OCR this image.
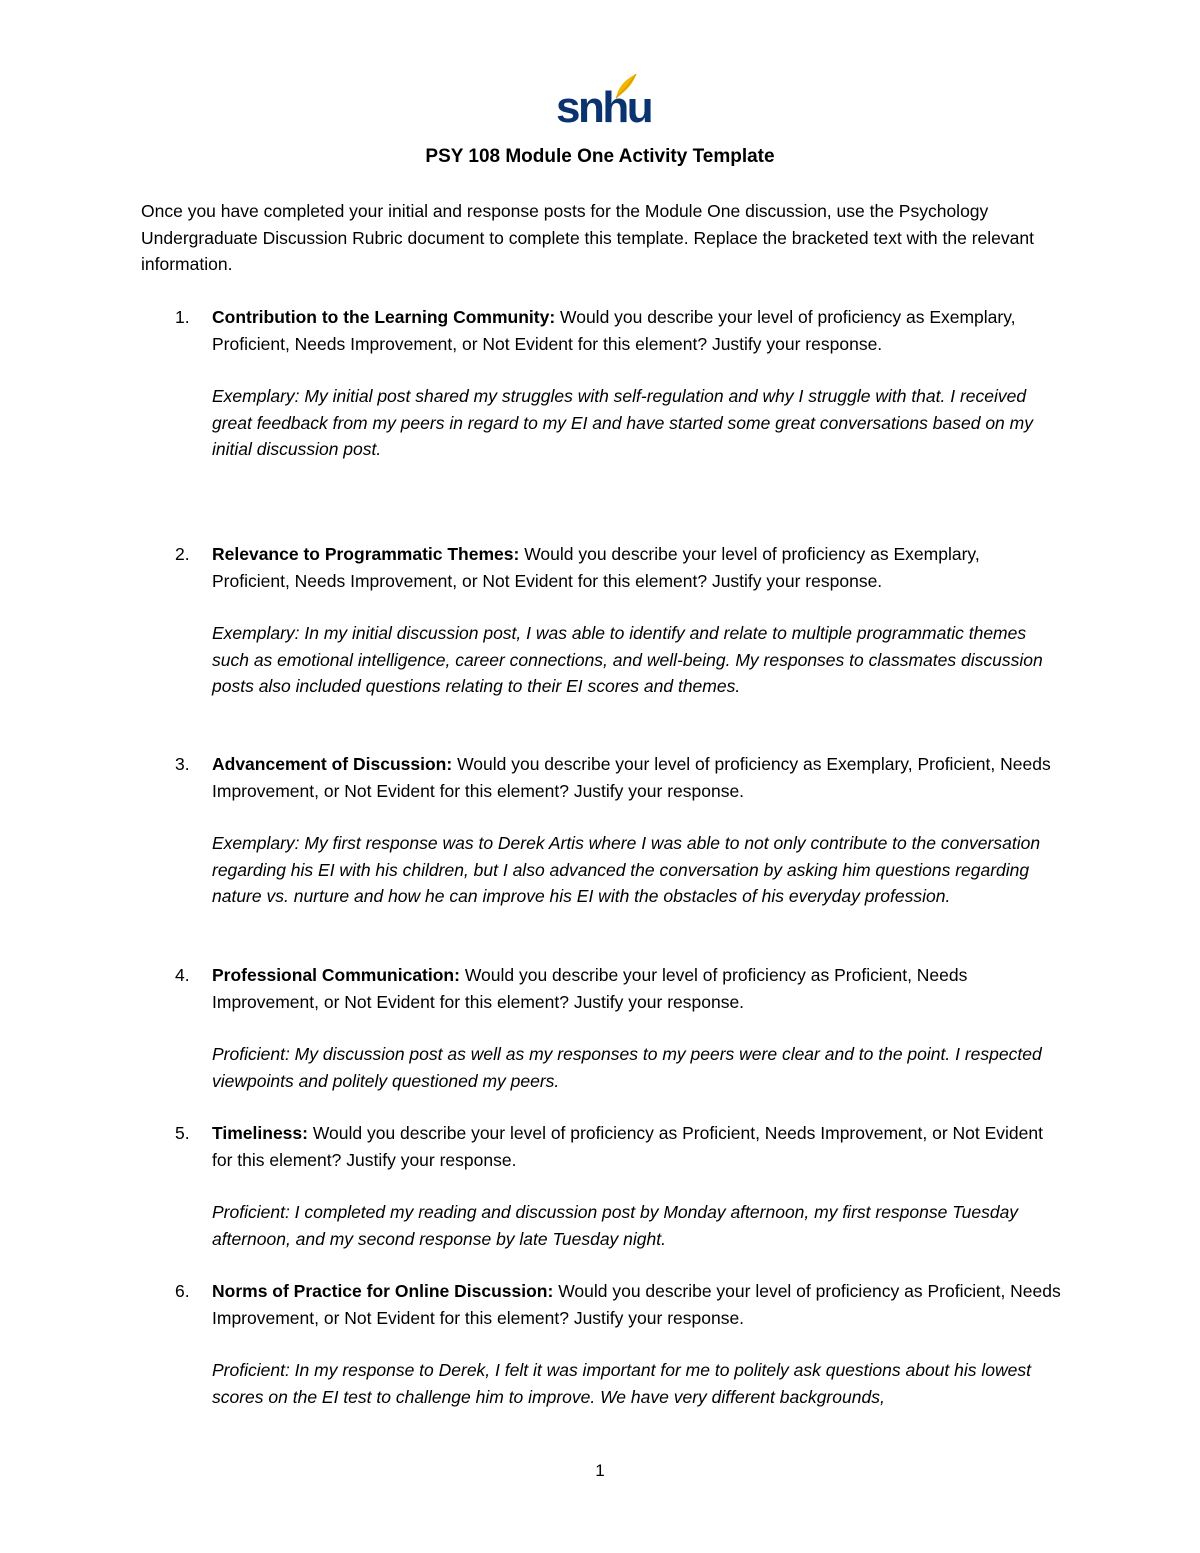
snhu
PSY 108 Module One Activity Template

Once you have completed your initial and response posts for the Module One discussion, use the Psychology Undergraduate Discussion Rubric document to complete this template. Replace the bracketed text with the relevant information.

1.	Contribution to the Learning Community: Would you describe your level of proficiency as Exemplary, Proficient, Needs Improvement, or Not Evident for this element? Justify your response.

Exemplary: My initial post shared my struggles with self-regulation and why I struggle with that. I received great feedback from my peers in regard to my EI and have started some great conversations based on my initial discussion post.

2.	Relevance to Programmatic Themes: Would you describe your level of proficiency as Exemplary, Proficient, Needs Improvement, or Not Evident for this element? Justify your response.

Exemplary: In my initial discussion post, I was able to identify and relate to multiple programmatic themes such as emotional intelligence, career connections, and well-being. My responses to classmates discussion posts also included questions relating to their EI scores and themes.

3.	Advancement of Discussion: Would you describe your level of proficiency as Exemplary, Proficient, Needs Improvement, or Not Evident for this element? Justify your response.

Exemplary: My first response was to Derek Artis where I was able to not only contribute to the conversation regarding his EI with his children, but I also advanced the conversation by asking him questions regarding nature vs. nurture and how he can improve his EI with the obstacles of his everyday profession.

4.	Professional Communication: Would you describe your level of proficiency as Proficient, Needs Improvement, or Not Evident for this element? Justify your response.

Proficient: My discussion post as well as my responses to my peers were clear and to the point. I respected viewpoints and politely questioned my peers.

5.	Timeliness: Would you describe your level of proficiency as Proficient, Needs Improvement, or Not Evident for this element? Justify your response.

Proficient: I completed my reading and discussion post by Monday afternoon, my first response Tuesday afternoon, and my second response by late Tuesday night.

6.	Norms of Practice for Online Discussion: Would you describe your level of proficiency as Proficient, Needs Improvement, or Not Evident for this element? Justify your response.

Proficient: In my response to Derek, I felt it was important for me to politely ask questions about his lowest scores on the EI test to challenge him to improve. We have very different backgrounds,

1
